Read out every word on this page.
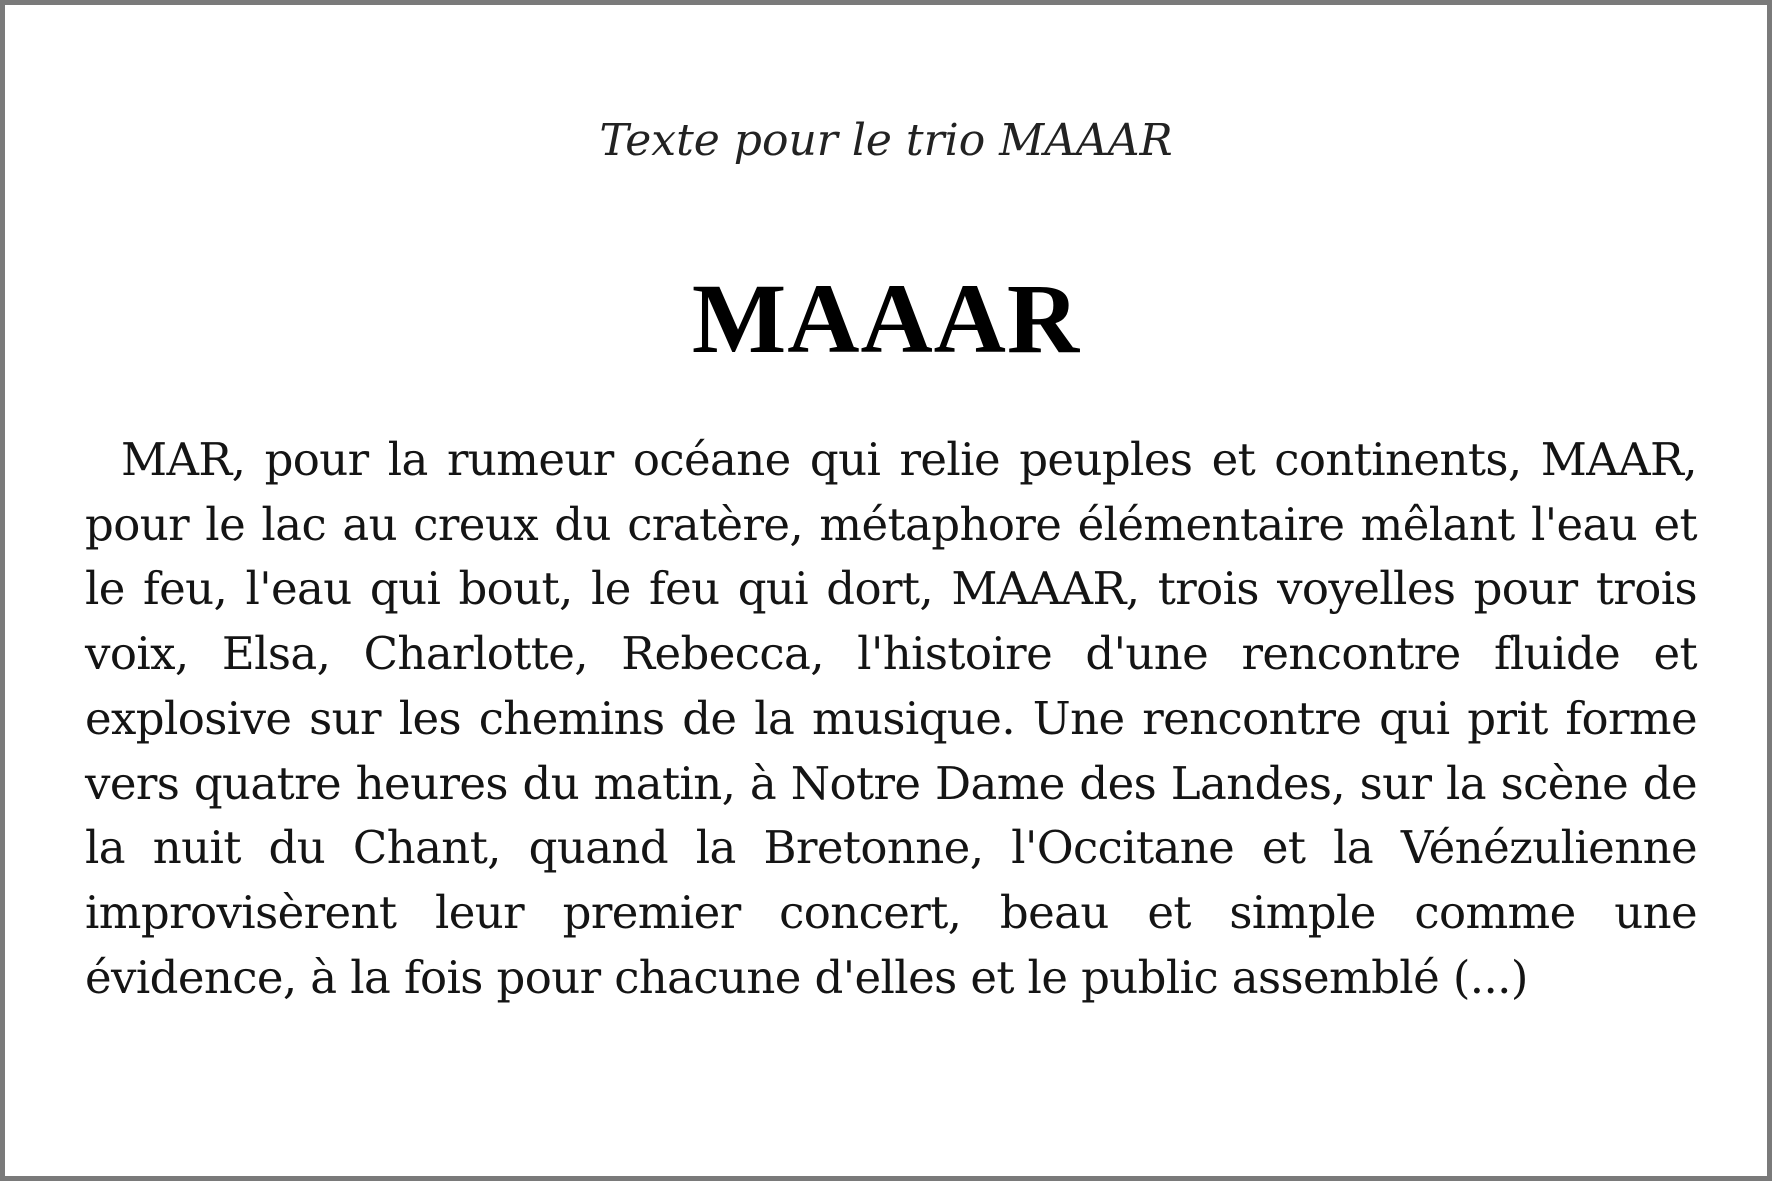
Texte pour le trio MAAAR

MAAAR

MAR, pour la rumeur océane qui relie peuples et continents, MAAR, pour le lac au creux du cratère, métaphore élémentaire mêlant l'eau et le feu, l'eau qui bout, le feu qui dort, MAAAR, trois voyelles pour trois voix, Elsa, Charlotte, Rebecca, l'histoire d'une rencontre fluide et explosive sur les chemins de la musique. Une rencontre qui prit forme vers quatre heures du matin, à Notre Dame des Landes, sur la scène de la nuit du Chant, quand la Bretonne, l'Occitane et la Vénézulienne improvisèrent leur premier concert, beau et simple comme une évidence, à la fois pour chacune d'elles et le public assemblé (...)
